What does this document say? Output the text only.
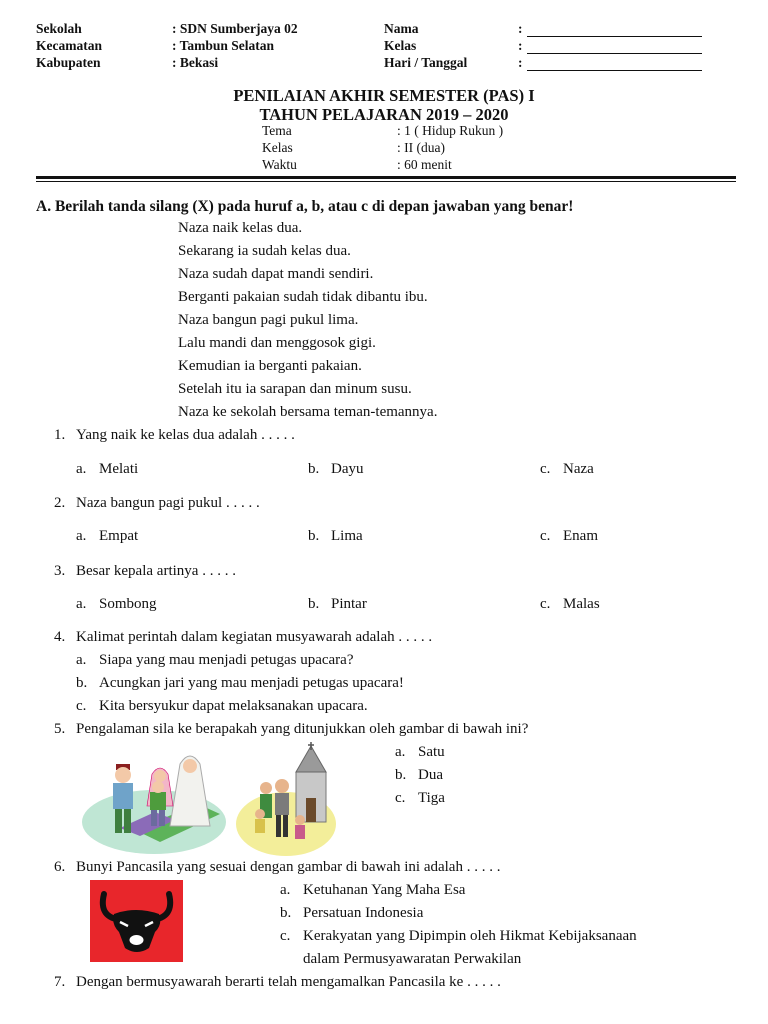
Sekolah	: SDN Sumberjaya 02
Kecamatan	: Tambun Selatan
Kabupaten	: Bekasi
Nama	:
Kelas	:
Hari / Tanggal	:
PENILAIAN AKHIR SEMESTER (PAS) I
TAHUN PELAJARAN 2019 – 2020
Tema	: 1 ( Hidup Rukun )
Kelas	: II (dua)
Waktu	: 60 menit
A. Berilah tanda silang (X) pada huruf a, b, atau c di depan jawaban yang benar!
Naza naik kelas dua.
Sekarang ia sudah kelas dua.
Naza sudah dapat mandi sendiri.
Berganti pakaian sudah tidak dibantu ibu.
Naza bangun pagi pukul lima.
Lalu mandi dan menggosok gigi.
Kemudian ia berganti pakaian.
Setelah itu ia sarapan dan minum susu.
Naza ke sekolah bersama teman-temannya.
1. Yang naik ke kelas dua adalah . . . . .
a. Melati	b. Dayu	c. Naza
2. Naza bangun pagi pukul . . . . .
a. Empat	b. Lima	c. Enam
3. Besar kepala artinya . . . . .
a. Sombong	b. Pintar	c. Malas
4. Kalimat perintah dalam kegiatan musyawarah adalah . . . . .
a. Siapa yang mau menjadi petugas upacara?
b. Acungkan jari yang mau menjadi petugas upacara!
c. Kita bersyukur dapat melaksanakan upacara.
5. Pengalaman sila ke berapakah yang ditunjukkan oleh gambar di bawah ini?
a. Satu
b. Dua
c. Tiga
6. Bunyi Pancasila yang sesuai dengan gambar di bawah ini adalah . . . . .
a. Ketuhanan Yang Maha Esa
b. Persatuan Indonesia
c. Kerakyatan yang Dipimpin oleh Hikmat Kebijaksanaan
dalam Permusyawaratan Perwakilan
7. Dengan bermusyawarah berarti telah mengamalkan Pancasila ke . . . . .
